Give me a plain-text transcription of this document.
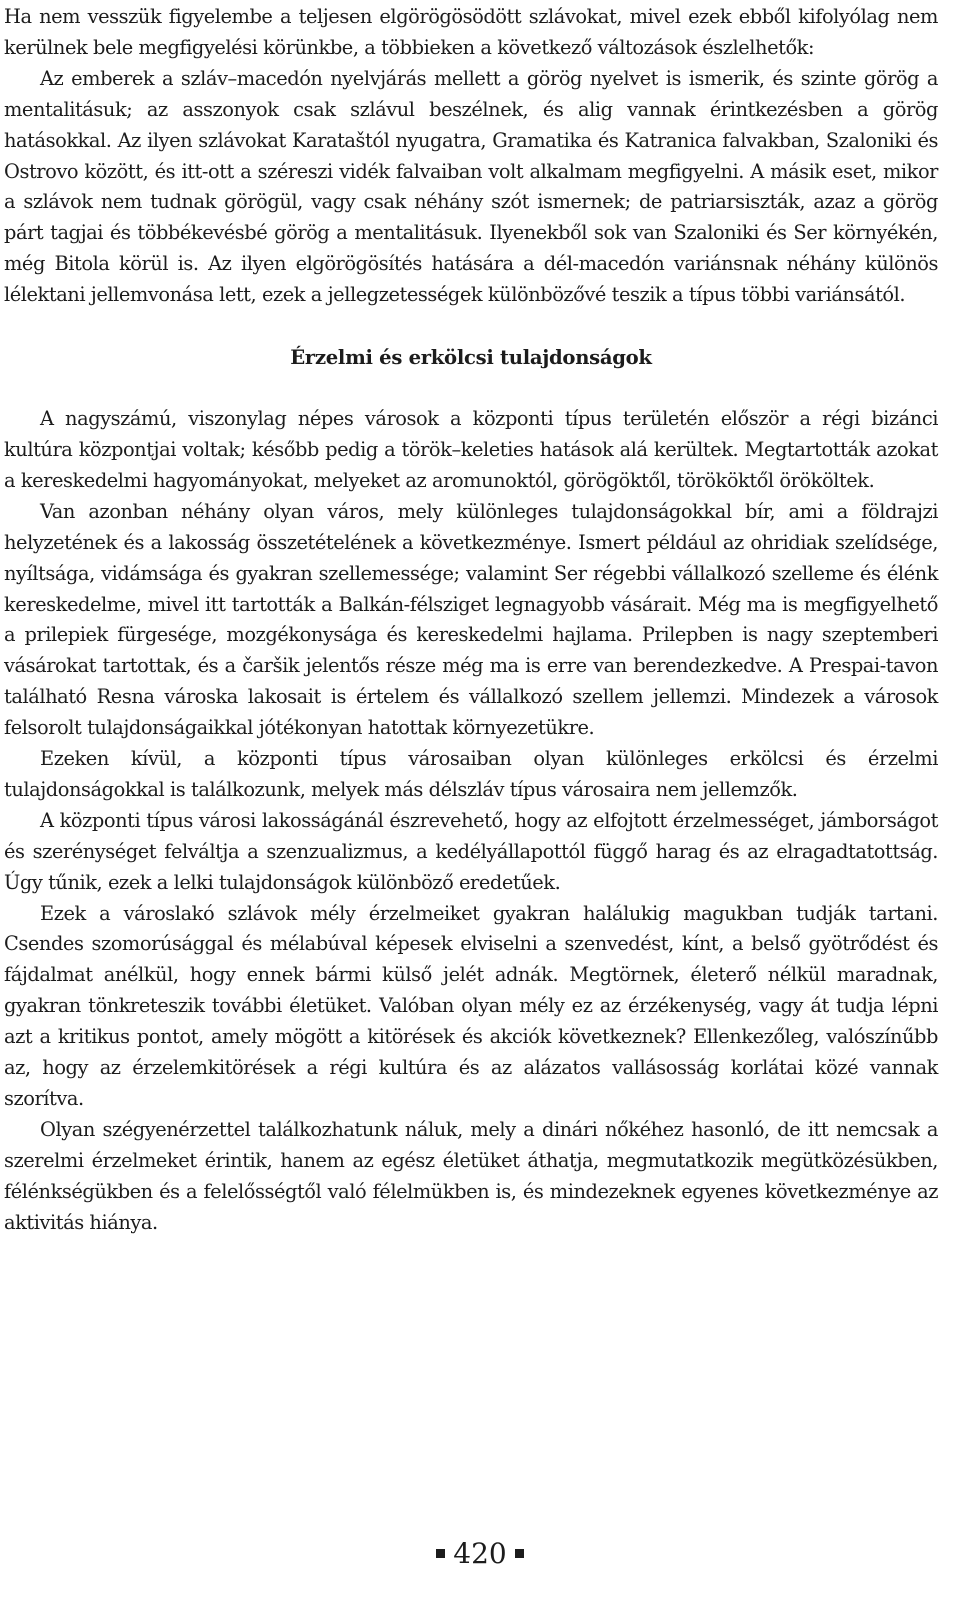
Ha nem vesszük figyelembe a teljesen elgörögösödött szlávokat, mivel ezek ebből kifolyólag nem kerülnek bele megfigyelési körünkbe, a többieken a következő változások észlelhetők:

Az emberek a szláv–macedón nyelvjárás mellett a görög nyelvet is ismerik, és szinte görög a mentalitásuk; az asszonyok csak szlávul beszélnek, és alig vannak érintkezésben a görög hatásokkal. Az ilyen szlávokat Karataštól nyugatra, Gramatika és Katranica falvakban, Szaloniki és Ostrovo között, és itt-ott a széreszi vidék falvaiban volt alkalmam megfigyelni. A másik eset, mikor a szlávok nem tudnak görögül, vagy csak néhány szót ismernek; de patriarsiszták, azaz a görög párt tagjai és többékevésbé görög a mentalitásuk. Ilyenekből sok van Szaloniki és Ser környékén, még Bitola körül is. Az ilyen elgörögösítés hatására a dél-macedón variánsnak néhány különös lélektani jellemvonása lett, ezek a jellegzetességek különbözővé teszik a típus többi variánsától.

Érzelmi és erkölcsi tulajdonságok

A nagyszámú, viszonylag népes városok a központi típus területén először a régi bizánci kultúra központjai voltak; később pedig a török–keleties hatások alá kerültek. Megtartották azokat a kereskedelmi hagyományokat, melyeket az aromunoktól, görögöktől, törököktől örököltek.

Van azonban néhány olyan város, mely különleges tulajdonságokkal bír, ami a földrajzi helyzetének és a lakosság összetételének a következménye. Ismert például az ohridiak szelídsége, nyíltsága, vidámsága és gyakran szellemessége; valamint Ser régebbi vállalkozó szelleme és élénk kereskedelme, mivel itt tartották a Balkán-félsziget legnagyobb vásárait. Még ma is megfigyelhető a prilepiek fürgesége, mozgékonysága és kereskedelmi hajlama. Prilepben is nagy szeptemberi vásárokat tartottak, és a čaršik jelentős része még ma is erre van berendezkedve. A Prespai-tavon található Resna városka lakosait is értelem és vállalkozó szellem jellemzi. Mindezek a városok felsorolt tulajdonságaikkal jótékonyan hatottak környezetükre.

Ezeken kívül, a központi típus városaiban olyan különleges erkölcsi és érzelmi tulajdonságokkal is találkozunk, melyek más délszláv típus városaira nem jellemzők.

A központi típus városi lakosságánál észrevehető, hogy az elfojtott érzelmességet, jámborságot és szerénységet felváltja a szenzualizmus, a kedélyállapottól függő harag és az elragadtatottság. Úgy tűnik, ezek a lelki tulajdonságok különböző eredetűek.

Ezek a városlakó szlávok mély érzelmeiket gyakran halálukig magukban tudják tartani. Csendes szomorúsággal és mélabúval képesek elviselni a szenvedést, kínt, a belső gyötrődést és fájdalmat anélkül, hogy ennek bármi külső jelét adnák. Megtörnek, életerő nélkül maradnak, gyakran tönkreteszik további életüket. Valóban olyan mély ez az érzékenység, vagy át tudja lépni azt a kritikus pontot, amely mögött a kitörések és akciók következnek? Ellenkezőleg, valószínűbb az, hogy az érzelemkitörések a régi kultúra és az alázatos vallásosság korlátai közé vannak szorítva.

Olyan szégyenérzettel találkozhatunk náluk, mely a dinári nőkéhez hasonló, de itt nemcsak a szerelmi érzelmeket érintik, hanem az egész életüket áthatja, megmutatkozik megütközésükben, félénkségükben és a felelősségtől való félelmükben is, és mindezeknek egyenes következménye az aktivitás hiánya.

420
